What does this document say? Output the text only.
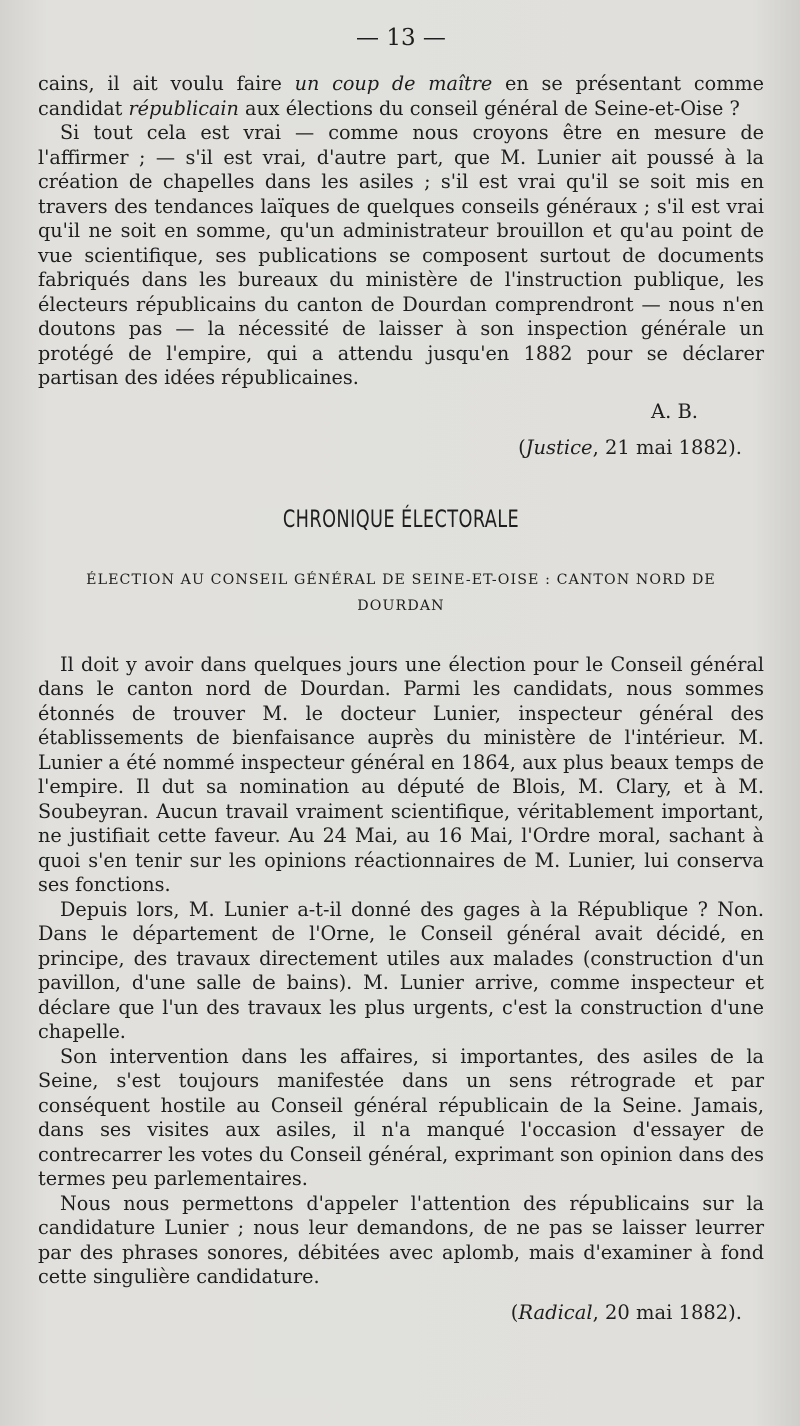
— 13 —

cains, il ait voulu faire un coup de maître en se présentant comme candidat républicain aux élections du conseil général de Seine-et-Oise ?

Si tout cela est vrai — comme nous croyons être en mesure de l'affirmer ; — s'il est vrai, d'autre part, que M. Lunier ait poussé à la création de chapelles dans les asiles ; s'il est vrai qu'il se soit mis en travers des tendances laïques de quelques conseils généraux ; s'il est vrai qu'il ne soit en somme, qu'un administrateur brouillon et qu'au point de vue scientifique, ses publications se composent surtout de documents fabriqués dans les bureaux du ministère de l'instruction publique, les électeurs républicains du canton de Dourdan comprendront — nous n'en doutons pas — la nécessité de laisser à son inspection générale un protégé de l'empire, qui a attendu jusqu'en 1882 pour se déclarer partisan des idées républicaines.

A. B.
(Justice, 21 mai 1882).
CHRONIQUE ÉLECTORALE
ÉLECTION AU CONSEIL GÉNÉRAL DE SEINE-ET-OISE : CANTON NORD DE DOURDAN

Il doit y avoir dans quelques jours une élection pour le Conseil général dans le canton nord de Dourdan. Parmi les candidats, nous sommes étonnés de trouver M. le docteur Lunier, inspecteur général des établissements de bienfaisance auprès du ministère de l'intérieur. M. Lunier a été nommé inspecteur général en 1864, aux plus beaux temps de l'empire. Il dut sa nomination au député de Blois, M. Clary, et à M. Soubeyran. Aucun travail vraiment scientifique, véritablement important, ne justifiait cette faveur. Au 24 Mai, au 16 Mai, l'Ordre moral, sachant à quoi s'en tenir sur les opinions réactionnaires de M. Lunier, lui conserva ses fonctions.

Depuis lors, M. Lunier a-t-il donné des gages à la République ? Non. Dans le département de l'Orne, le Conseil général avait décidé, en principe, des travaux directement utiles aux malades (construction d'un pavillon, d'une salle de bains). M. Lunier arrive, comme inspecteur et déclare que l'un des travaux les plus urgents, c'est la construction d'une chapelle.

Son intervention dans les affaires, si importantes, des asiles de la Seine, s'est toujours manifestée dans un sens rétrograde et par conséquent hostile au Conseil général républicain de la Seine. Jamais, dans ses visites aux asiles, il n'a manqué l'occasion d'essayer de contrecarrer les votes du Conseil général, exprimant son opinion dans des termes peu parlementaires.

Nous nous permettons d'appeler l'attention des républicains sur la candidature Lunier ; nous leur demandons, de ne pas se laisser leurrer par des phrases sonores, débitées avec aplomb, mais d'examiner à fond cette singulière candidature.

(Radical, 20 mai 1882).
